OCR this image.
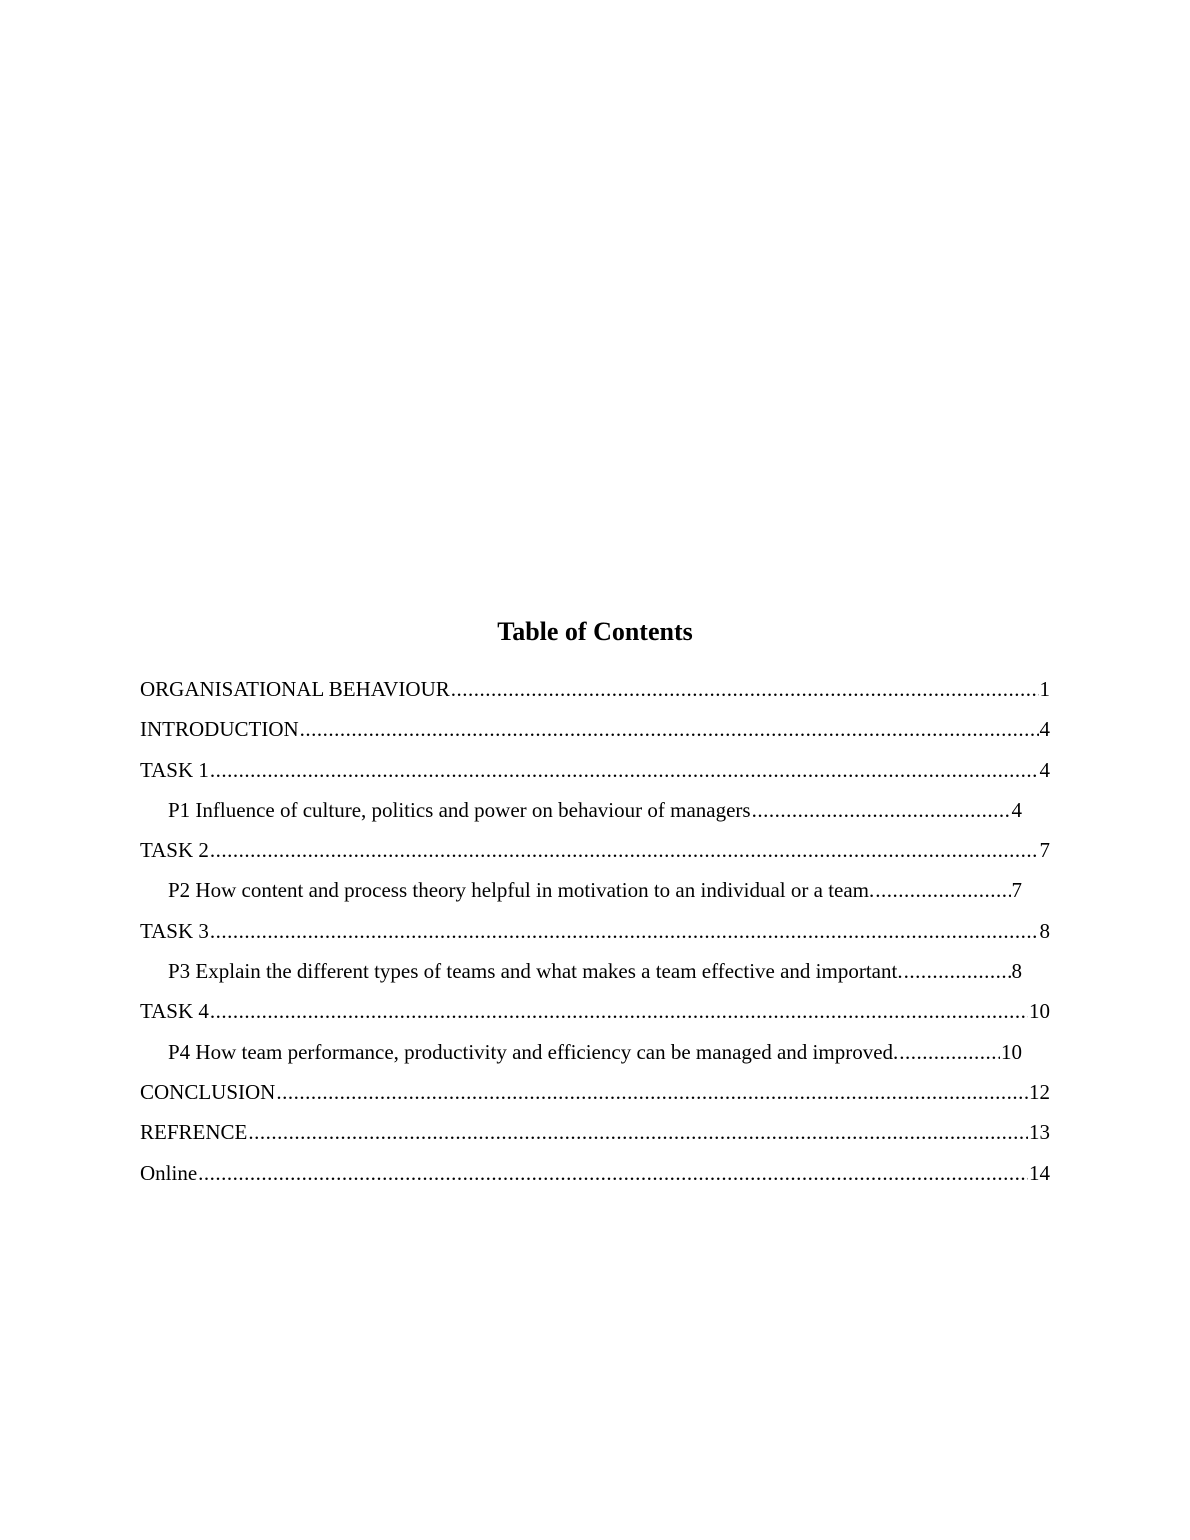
Table of Contents
ORGANISATIONAL BEHAVIOUR .....	1
INTRODUCTION .....	4
TASK 1 .....	4
P1 Influence of culture, politics and power on behaviour of managers .....	4
TASK 2 .....	7
P2 How content and process theory helpful in motivation to an individual or a team. .....	7
TASK 3 .....	8
P3 Explain the different types of teams and what makes a team effective and important. .....	8
TASK 4 .....	10
P4 How team performance, productivity and efficiency can be managed and improved. .....	10
CONCLUSION .....	12
REFRENCE .....	13
Online .....	14
